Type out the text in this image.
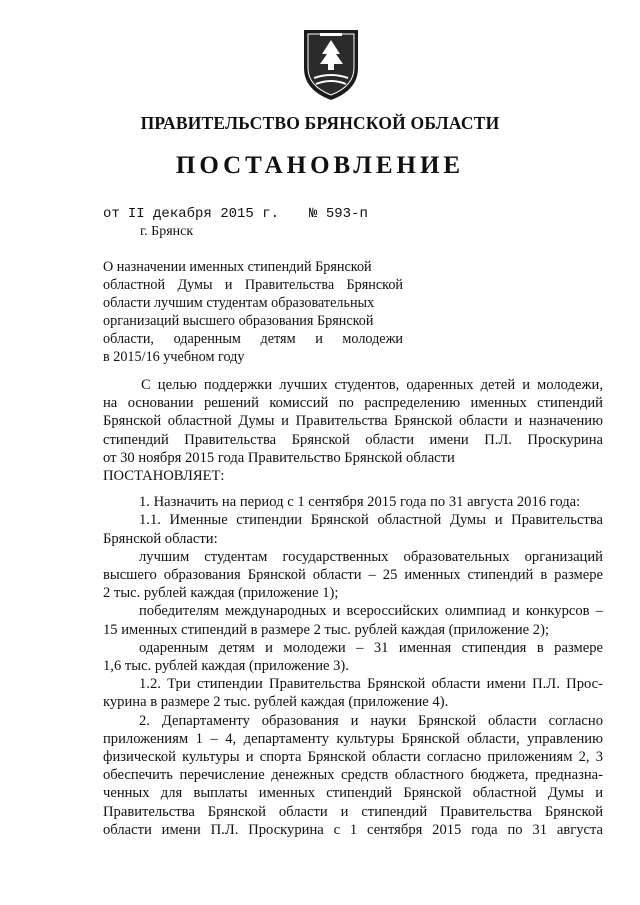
ПРАВИТЕЛЬСТВО БРЯНСКОЙ ОБЛАСТИ
ПОСТАНОВЛЕНИЕ
от II декабря 2015 г. № 593-п
г. Брянск
О назначении именных стипендий Брянской
областной Думы и Правительства Брянской
области лучшим студентам образовательных
организаций высшего образования Брянской
области, одаренным детям и молодежи
в 2015/16 учебном году
С целью поддержки лучших студентов, одаренных детей и молодежи,
на основании решений комиссий по распределению именных стипендий
Брянской областной Думы и Правительства Брянской области и назначению
стипендий Правительства Брянской области имени П.Л. Проскурина
от 30 ноября 2015 года Правительство Брянской области
ПОСТАНОВЛЯЕТ:
1. Назначить на период с 1 сентября 2015 года по 31 августа 2016 года:
1.1. Именные стипендии Брянской областной Думы и Правительства
Брянской области:
лучшим студентам государственных образовательных организаций
высшего образования Брянской области – 25 именных стипендий в размере
2 тыс. рублей каждая (приложение 1);
победителям международных и всероссийских олимпиад и конкурсов –
15 именных стипендий в размере 2 тыс. рублей каждая (приложение 2);
одаренным детям и молодежи – 31 именная стипендия в размере
1,6 тыс. рублей каждая (приложение 3).
1.2. Три стипендии Правительства Брянской области имени П.Л. Прос-
курина в размере 2 тыс. рублей каждая (приложение 4).
2. Департаменту образования и науки Брянской области согласно
приложениям 1 – 4, департаменту культуры Брянской области, управлению
физической культуры и спорта Брянской области согласно приложениям 2, 3
обеспечить перечисление денежных средств областного бюджета, предназна-
ченных для выплаты именных стипендий Брянской областной Думы и
Правительства Брянской области и стипендий Правительства Брянской
области имени П.Л. Проскурина с 1 сентября 2015 года по 31 августа
